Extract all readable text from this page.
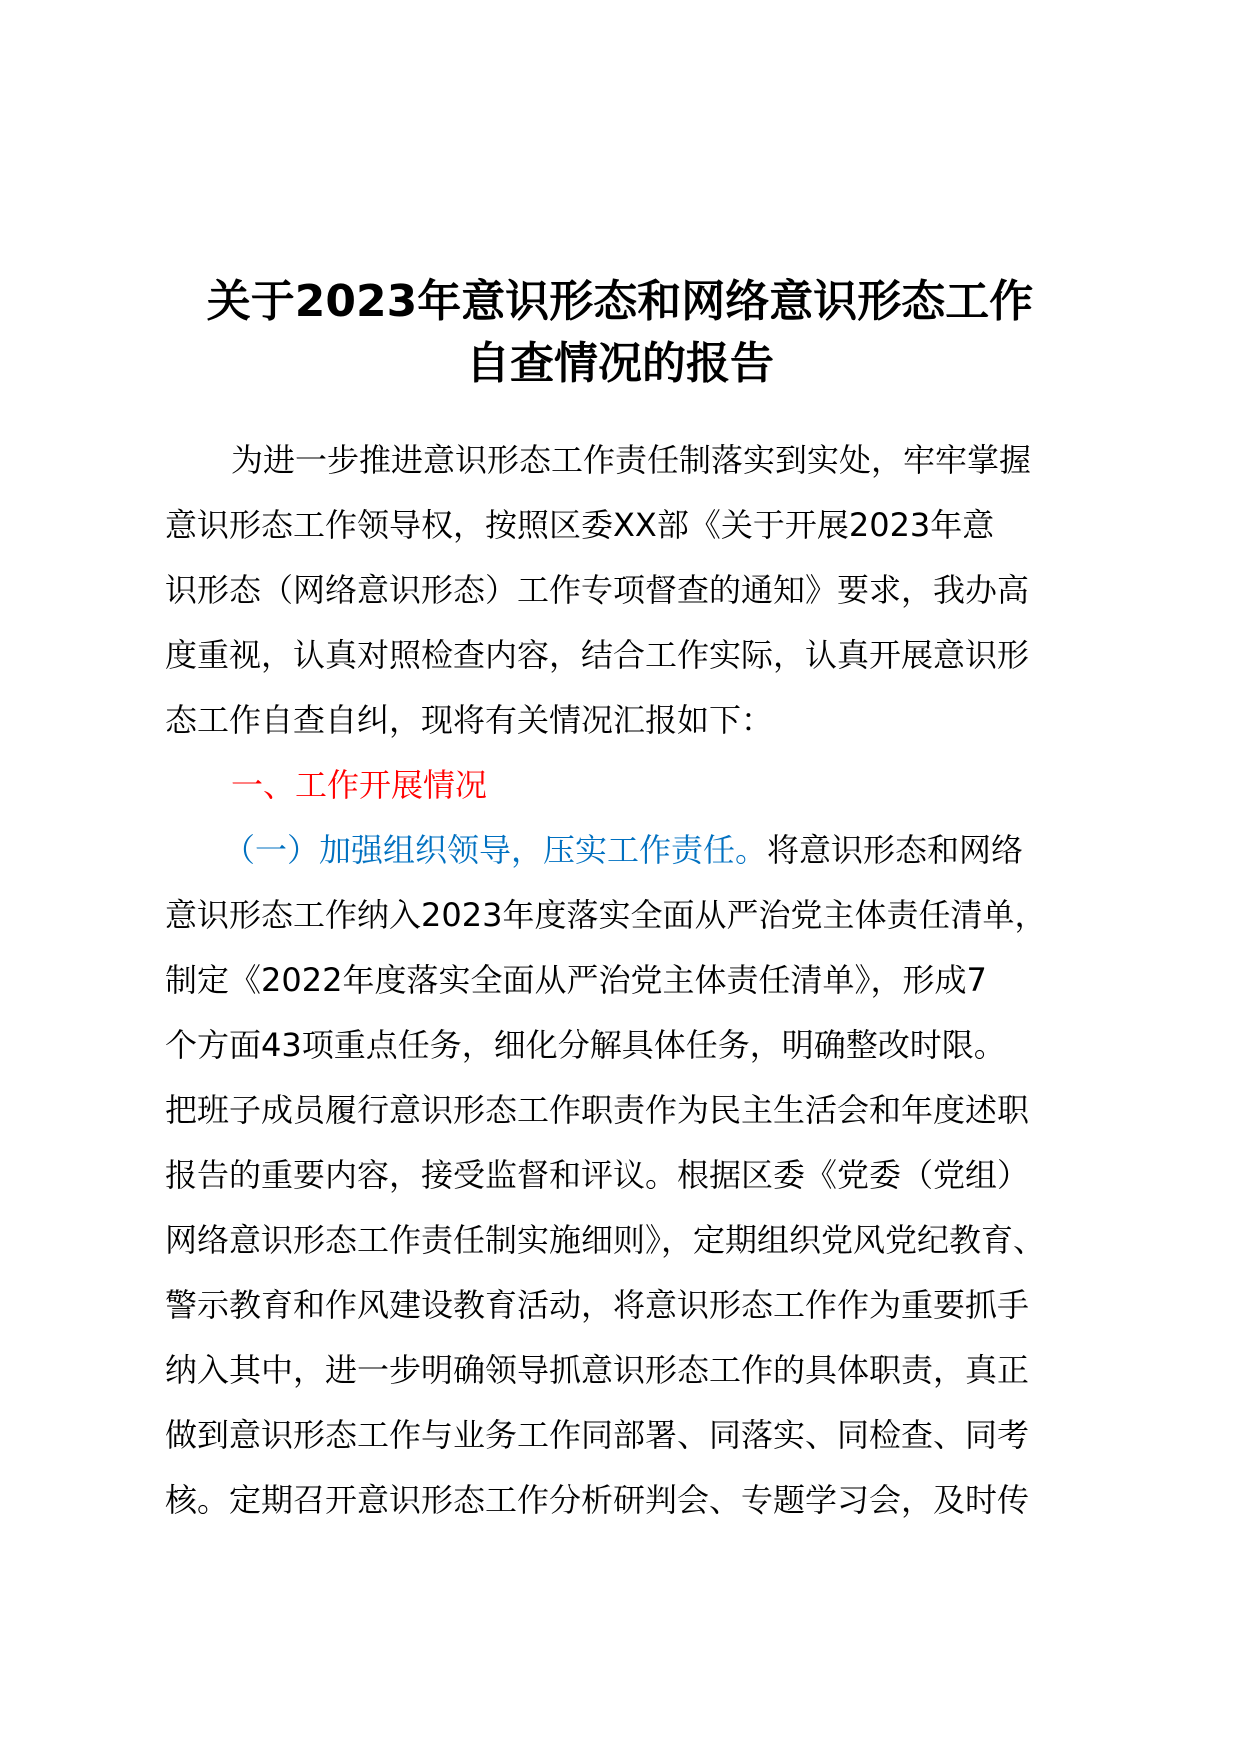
关于2023年意识形态和网络意识形态工作
自查情况的报告
为进一步推进意识形态工作责任制落实到实处，牢牢掌握
意识形态工作领导权，按照区委XX部《关于开展2023年意
识形态（网络意识形态）工作专项督查的通知》要求，我办高
度重视，认真对照检查内容，结合工作实际，认真开展意识形
态工作自查自纠，现将有关情况汇报如下：
一、工作开展情况
（一）加强组织领导，压实工作责任。将意识形态和网络
意识形态工作纳入2023年度落实全面从严治党主体责任清单，
制定《2022年度落实全面从严治党主体责任清单》，形成7
个方面43项重点任务，细化分解具体任务，明确整改时限。
把班子成员履行意识形态工作职责作为民主生活会和年度述职
报告的重要内容，接受监督和评议。根据区委《党委（党组）
网络意识形态工作责任制实施细则》，定期组织党风党纪教育、
警示教育和作风建设教育活动，将意识形态工作作为重要抓手
纳入其中，进一步明确领导抓意识形态工作的具体职责，真正
做到意识形态工作与业务工作同部署、同落实、同检查、同考
核。定期召开意识形态工作分析研判会、专题学习会，及时传
